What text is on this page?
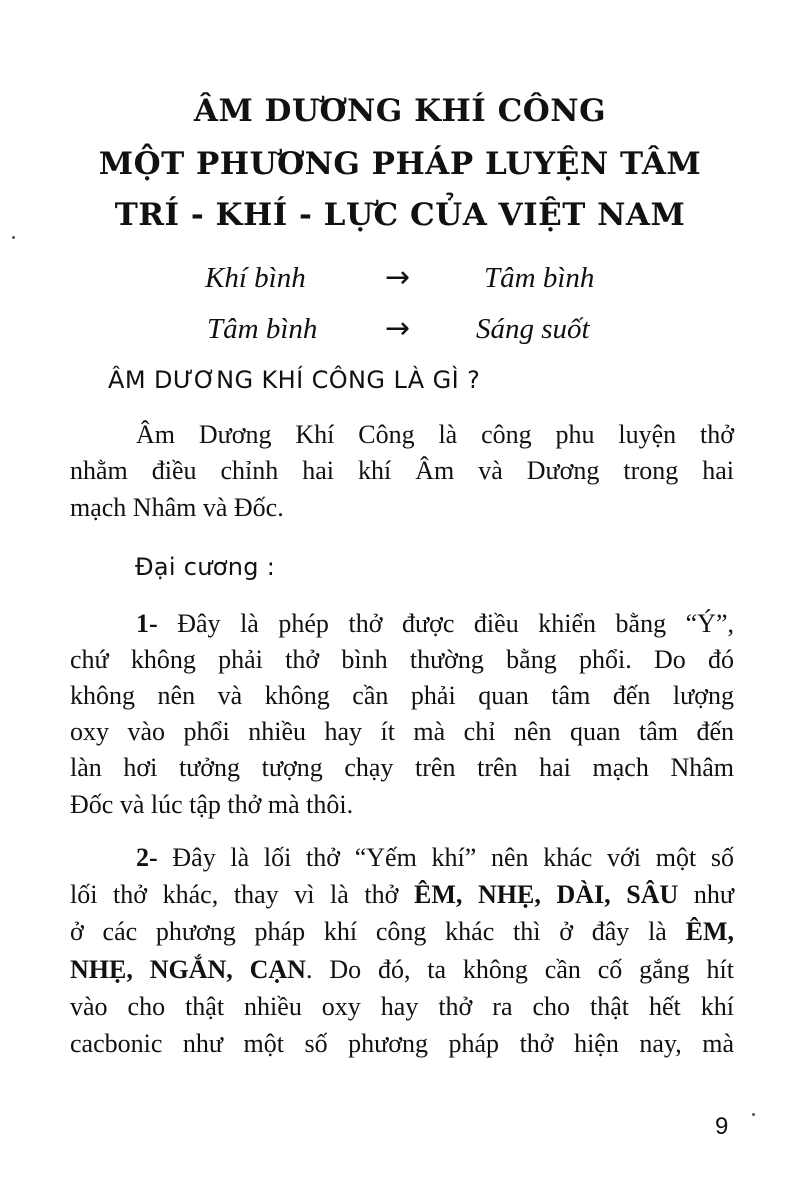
ÂM DƯƠNG KHÍ CÔNG
MỘT PHƯƠNG PHÁP LUYỆN TÂM
TRÍ - KHÍ - LỰC CỦA VIỆT NAM
Khí bình	→	Tâm bình
Tâm bình → Sáng suốt
ÂM DƯƠNG KHÍ CÔNG LÀ GÌ ?
Âm Dương Khí Công là công phu luyện thở
nhằm điều chỉnh hai khí Âm và Dương trong hai
mạch Nhâm và Đốc.
Đại cương :
1- Đây là phép thở được điều khiển bằng “Ý”,
chứ không phải thở bình thường bằng phổi. Do đó
không nên và không cần phải quan tâm đến lượng
oxy vào phổi nhiều hay ít mà chỉ nên quan tâm đến
làn hơi tưởng tượng chạy trên trên hai mạch Nhâm
Đốc và lúc tập thở mà thôi.
2- Đây là lối thở “Yếm khí” nên khác với một số
lối thở khác, thay vì là thở ÊM, NHẸ, DÀI, SÂU như
ở các phương pháp khí công khác thì ở đây là ÊM,
NHẸ, NGẮN, CẠN. Do đó, ta không cần cố gắng hít
vào cho thật nhiều oxy hay thở ra cho thật hết khí
cacbonic như một số phương pháp thở hiện nay, mà
9
